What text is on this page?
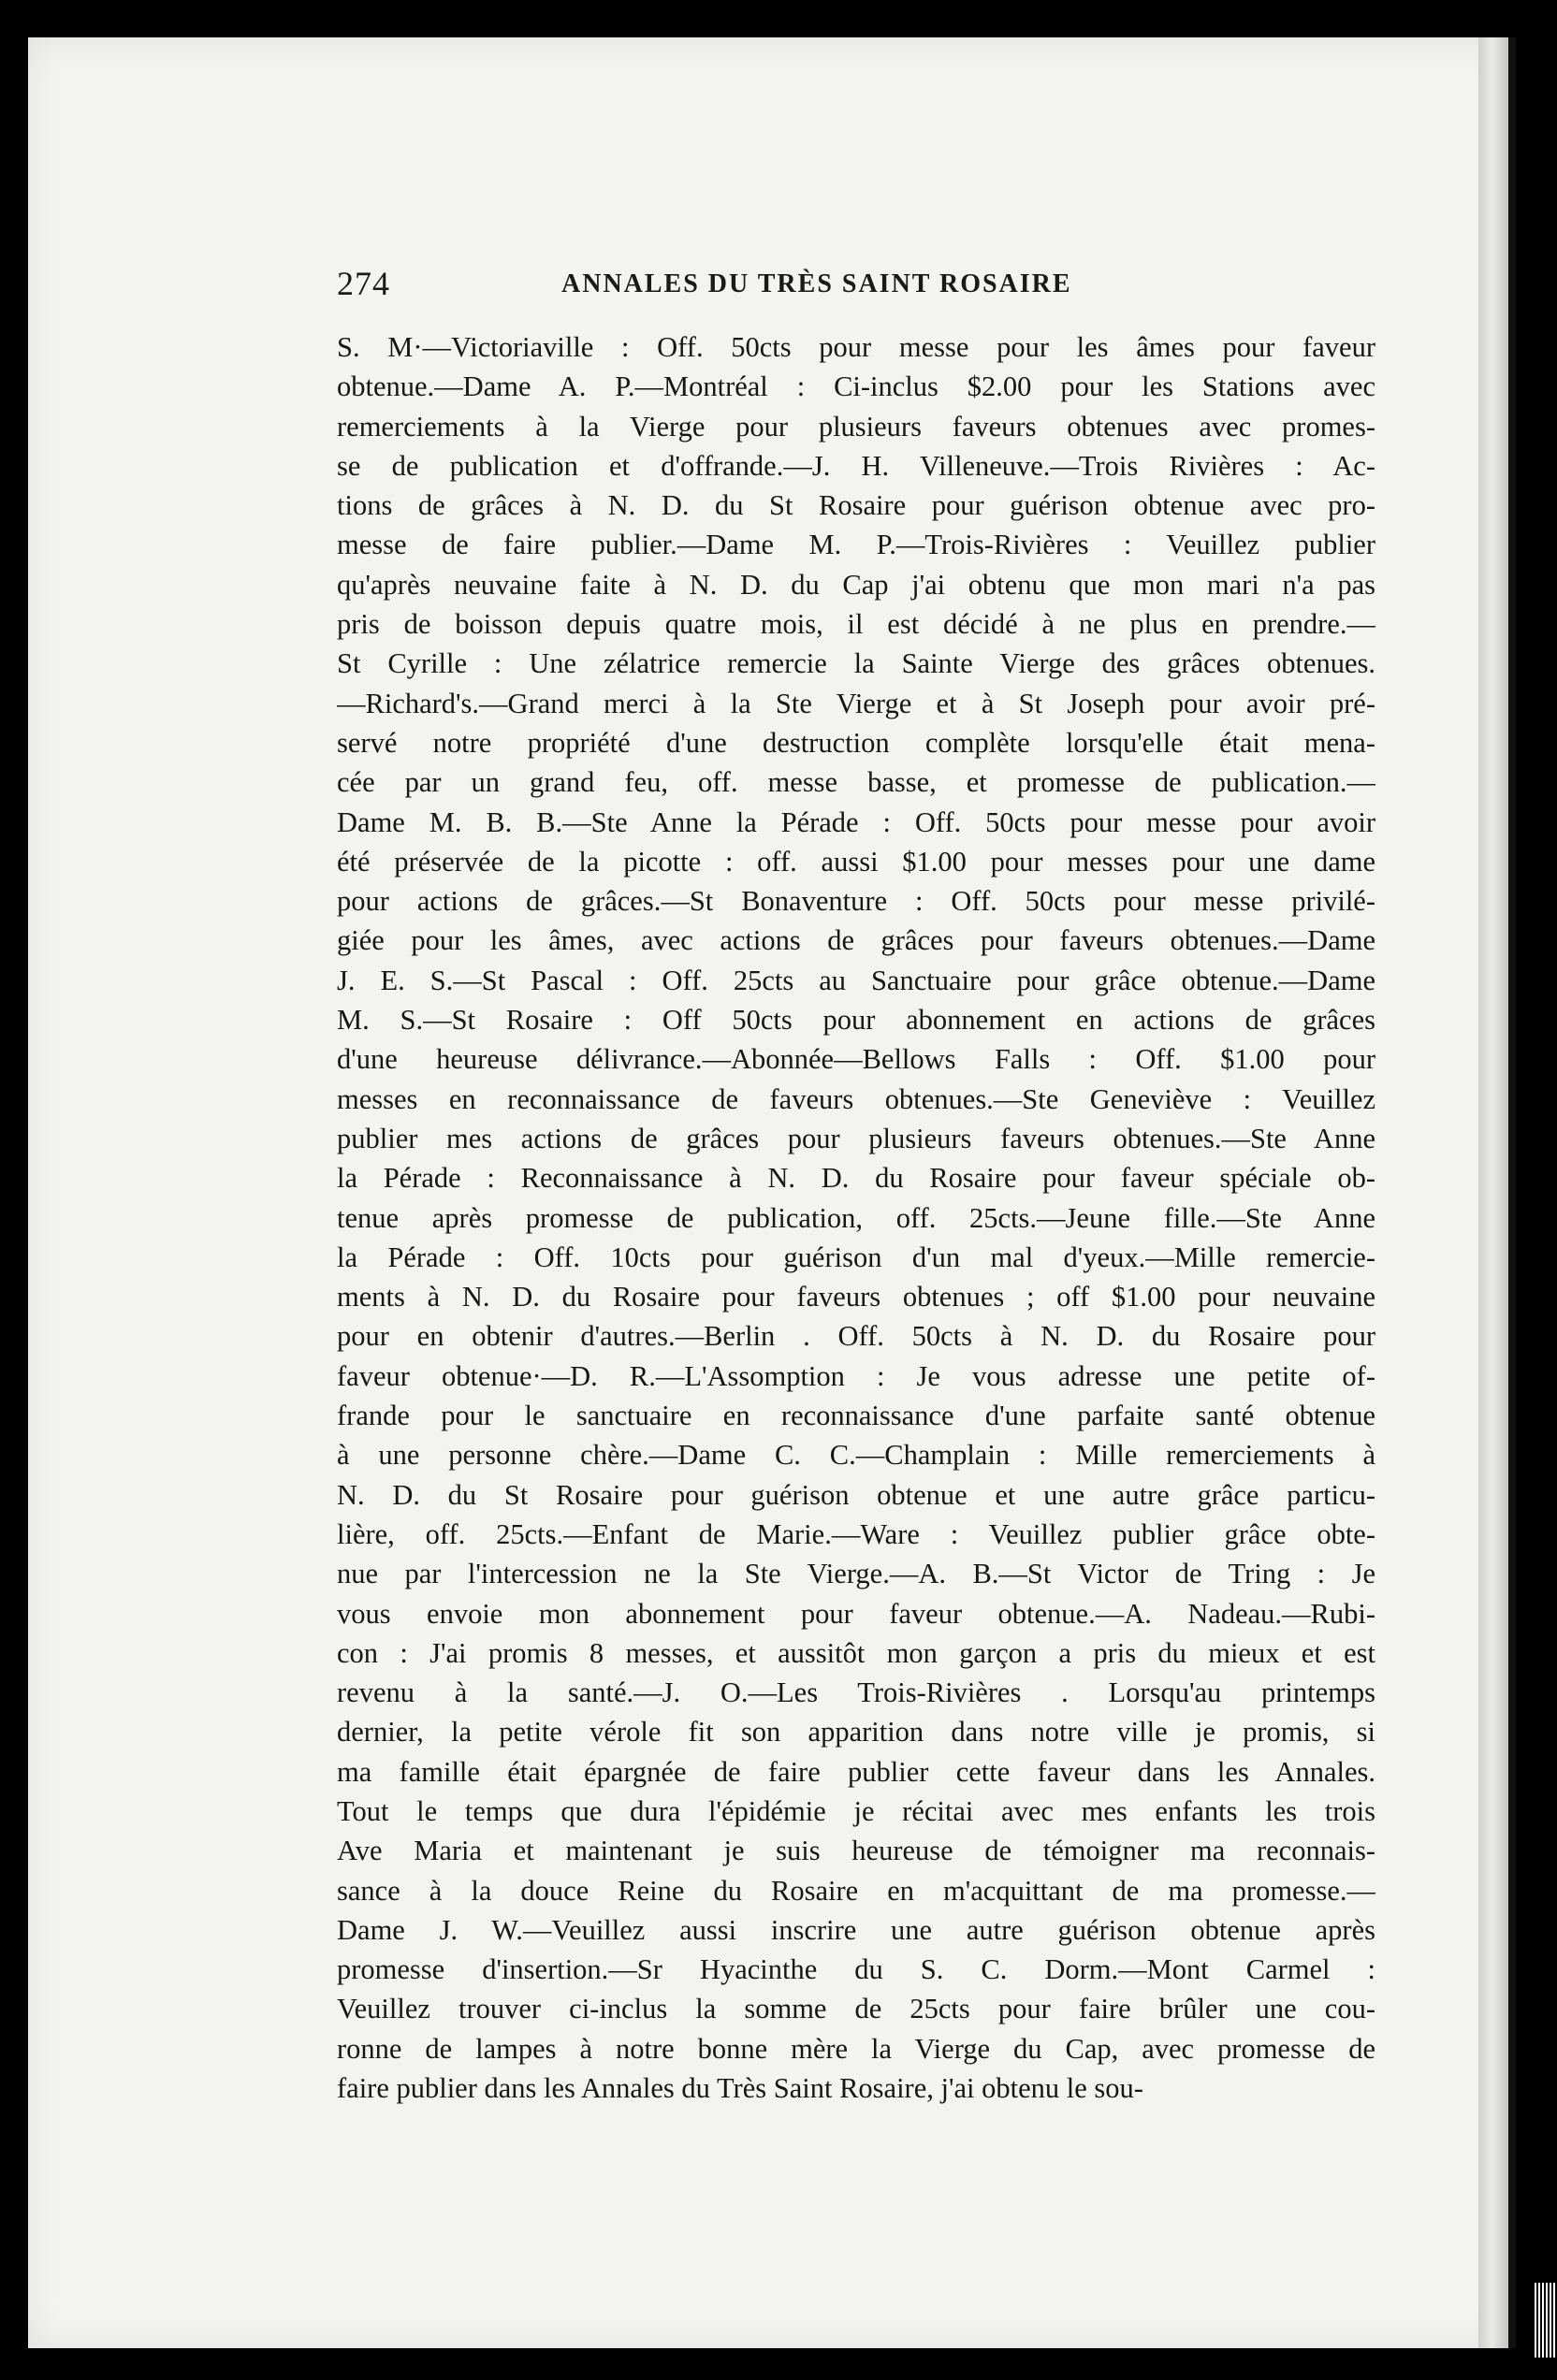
274	ANNALES DU TRÈS SAINT ROSAIRE
S. M·—Victoriaville : Off. 50cts pour messe pour les âmes pour faveur
obtenue.—Dame A. P.—Montréal : Ci-inclus $2.00 pour les Stations avec
remerciements à la Vierge pour plusieurs faveurs obtenues avec promes-
se de publication et d'offrande.—J. H. Villeneuve.—Trois Rivières : Ac-
tions de grâces à N. D. du St Rosaire pour guérison obtenue avec pro-
messe de faire publier.—Dame M. P.—Trois-Rivières : Veuillez publier
qu'après neuvaine faite à N. D. du Cap j'ai obtenu que mon mari n'a pas
pris de boisson depuis quatre mois, il est décidé à ne plus en prendre.—
St Cyrille : Une zélatrice remercie la Sainte Vierge des grâces obtenues.
—Richard's.—Grand merci à la Ste Vierge et à St Joseph pour avoir pré-
servé notre propriété d'une destruction complète lorsqu'elle était mena-
cée par un grand feu, off. messe basse, et promesse de publication.—
Dame M. B. B.—Ste Anne la Pérade : Off. 50cts pour messe pour avoir
été préservée de la picotte : off. aussi $1.00 pour messes pour une dame
pour actions de grâces.—St Bonaventure : Off. 50cts pour messe privilé-
giée pour les âmes, avec actions de grâces pour faveurs obtenues.—Dame
J. E. S.—St Pascal : Off. 25cts au Sanctuaire pour grâce obtenue.—Dame
M. S.—St Rosaire : Off 50cts pour abonnement en actions de grâces
d'une heureuse délivrance.—Abonnée—Bellows Falls : Off. $1.00 pour
messes en reconnaissance de faveurs obtenues.—Ste Geneviève : Veuillez
publier mes actions de grâces pour plusieurs faveurs obtenues.—Ste Anne
la Pérade : Reconnaissance à N. D. du Rosaire pour faveur spéciale ob-
tenue après promesse de publication, off. 25cts.—Jeune fille.—Ste Anne
la Pérade : Off. 10cts pour guérison d'un mal d'yeux.—Mille remercie-
ments à N. D. du Rosaire pour faveurs obtenues ; off $1.00 pour neuvaine
pour en obtenir d'autres.—Berlin . Off. 50cts à N. D. du Rosaire pour
faveur obtenue·—D. R.—L'Assomption : Je vous adresse une petite of-
frande pour le sanctuaire en reconnaissance d'une parfaite santé obtenue
à une personne chère.—Dame C. C.—Champlain : Mille remerciements à
N. D. du St Rosaire pour guérison obtenue et une autre grâce particu-
lière, off. 25cts.—Enfant de Marie.—Ware : Veuillez publier grâce obte-
nue par l'intercession ne la Ste Vierge.—A. B.—St Victor de Tring : Je
vous envoie mon abonnement pour faveur obtenue.—A. Nadeau.—Rubi-
con : J'ai promis 8 messes, et aussitôt mon garçon a pris du mieux et est
revenu à la santé.—J. O.—Les Trois-Rivières . Lorsqu'au printemps
dernier, la petite vérole fit son apparition dans notre ville je promis, si
ma famille était épargnée de faire publier cette faveur dans les Annales.
Tout le temps que dura l'épidémie je récitai avec mes enfants les trois
Ave Maria et maintenant je suis heureuse de témoigner ma reconnais-
sance à la douce Reine du Rosaire en m'acquittant de ma promesse.—
Dame J. W.—Veuillez aussi inscrire une autre guérison obtenue après
promesse d'insertion.—Sr Hyacinthe du S. C. Dorm.—Mont Carmel :
Veuillez trouver ci-inclus la somme de 25cts pour faire brûler une cou-
ronne de lampes à notre bonne mère la Vierge du Cap, avec promesse de
faire publier dans les Annales du Très Saint Rosaire, j'ai obtenu le sou-
